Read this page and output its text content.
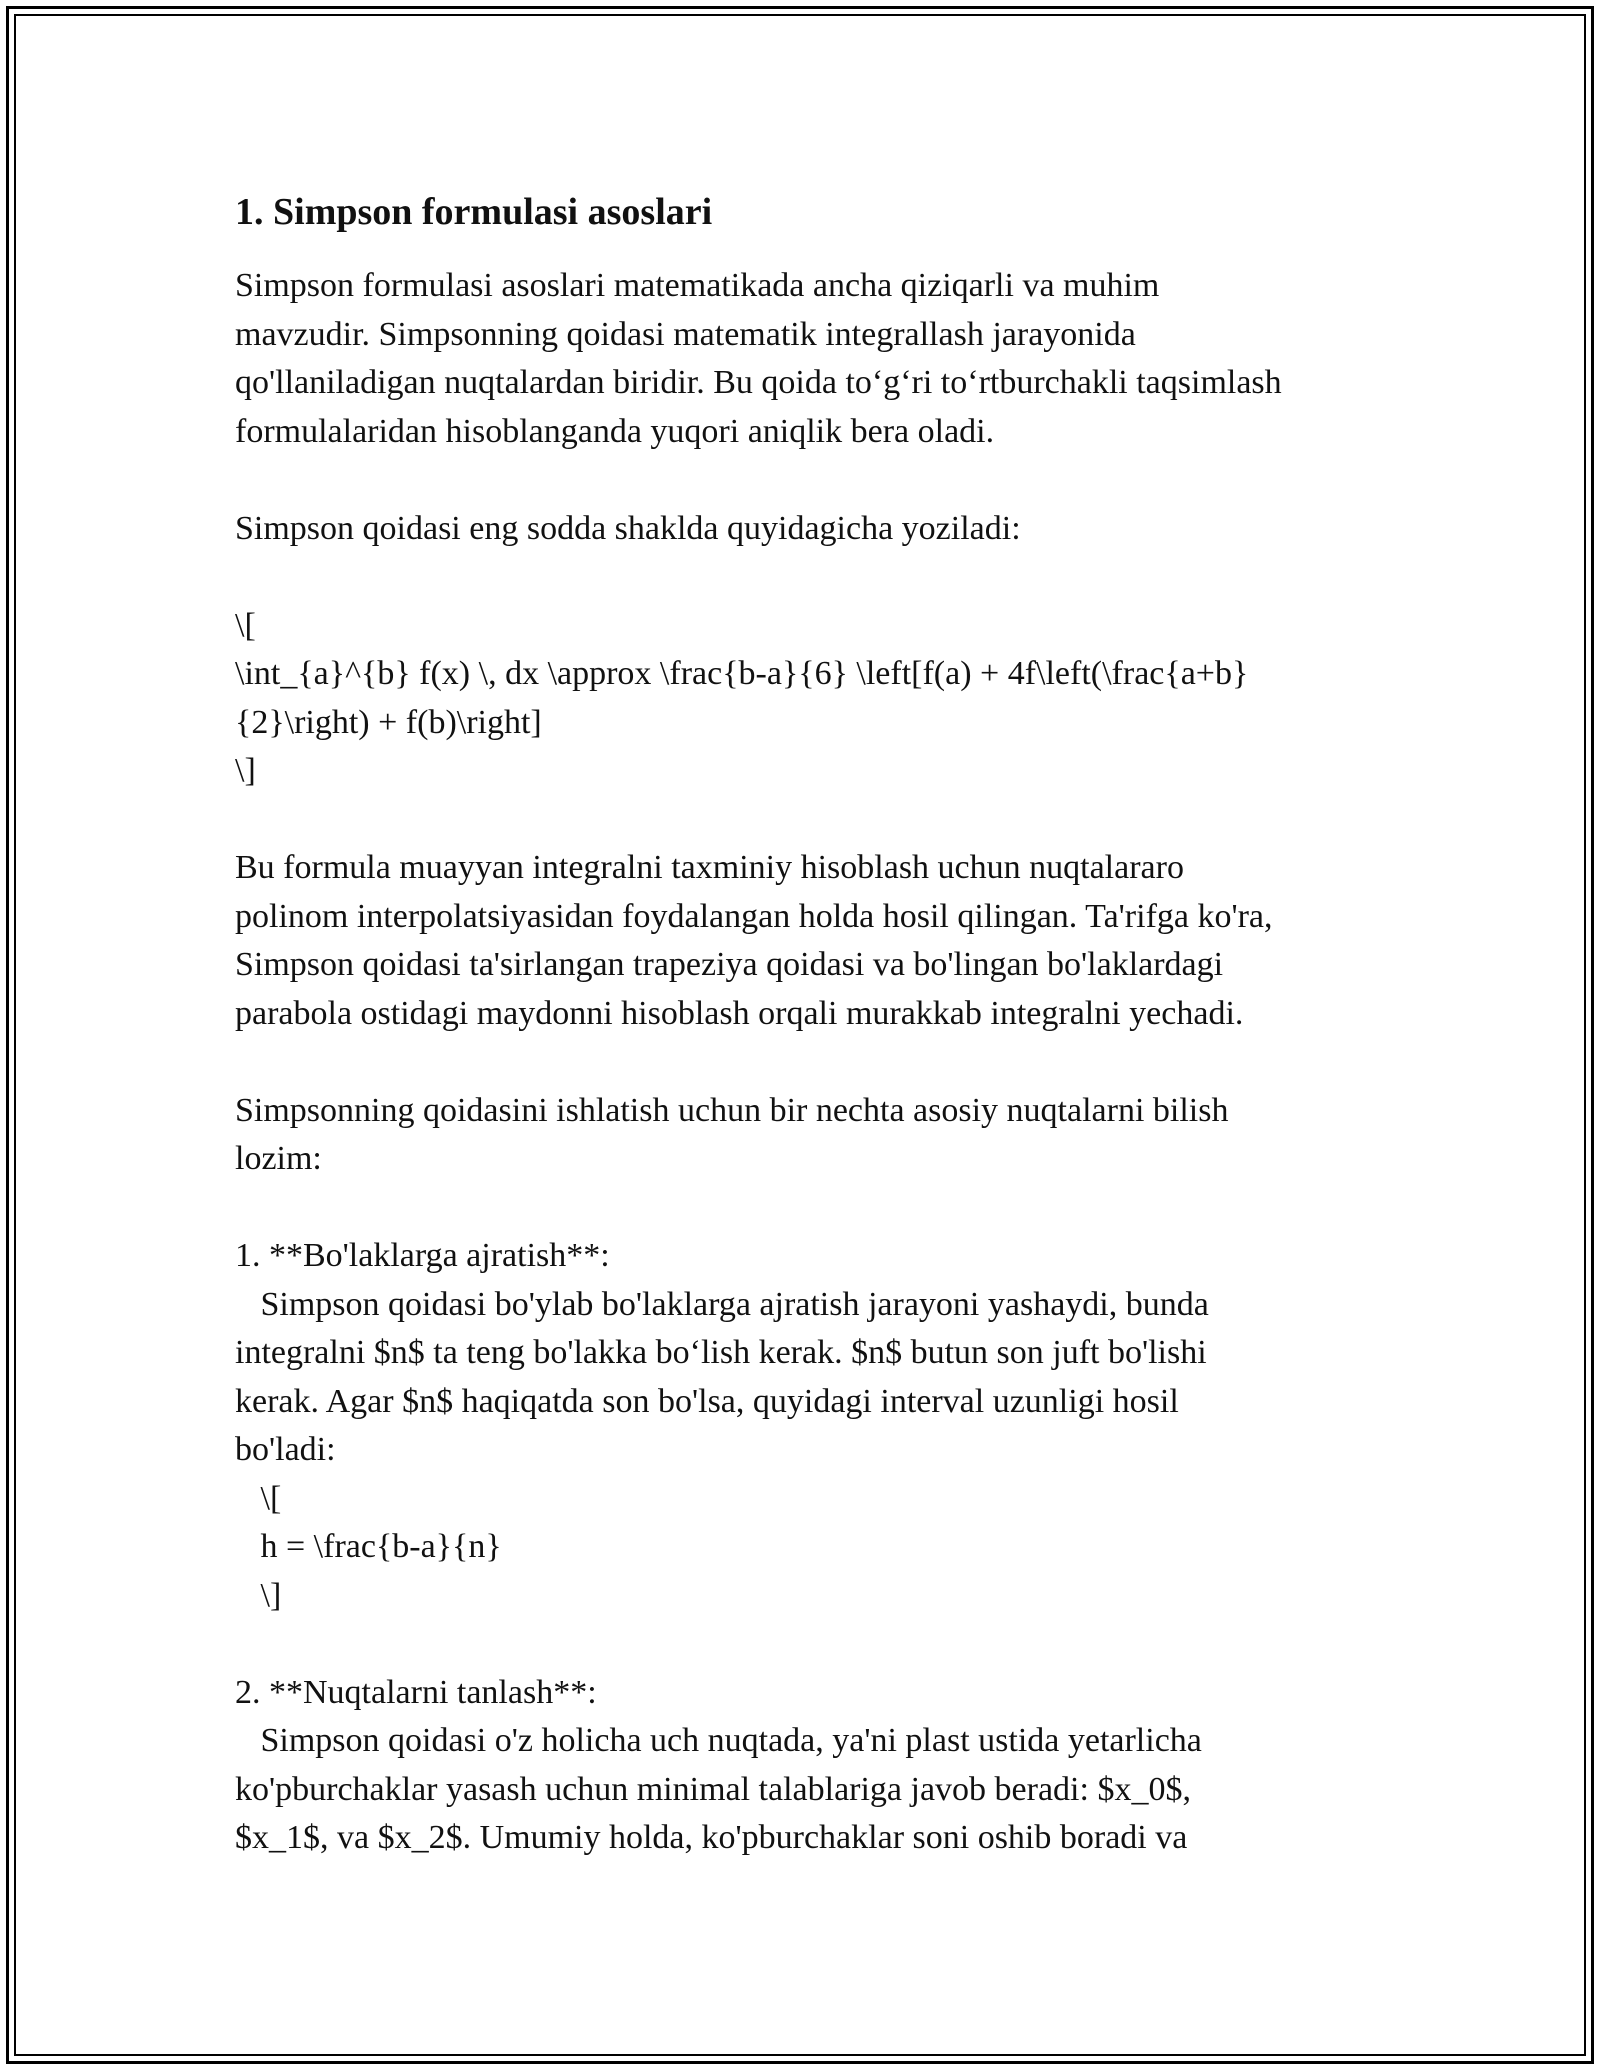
1. Simpson formulasi asoslari
Simpson formulasi asoslari matematikada ancha qiziqarli va muhim
mavzudir. Simpsonning qoidasi matematik integrallash jarayonida
qo'llaniladigan nuqtalardan biridir. Bu qoida to‘g‘ri to‘rtburchakli taqsimlash
formulalaridan hisoblanganda yuqori aniqlik bera oladi.
Simpson qoidasi eng sodda shaklda quyidagicha yoziladi:
\[
\int_{a}^{b} f(x) \, dx \approx \frac{b-a}{6} \left[f(a) + 4f\left(\frac{a+b}
{2}\right) + f(b)\right]
\]
Bu formula muayyan integralni taxminiy hisoblash uchun nuqtalararo
polinom interpolatsiyasidan foydalangan holda hosil qilingan. Ta'rifga ko'ra,
Simpson qoidasi ta'sirlangan trapeziya qoidasi va bo'lingan bo'laklardagi
parabola ostidagi maydonni hisoblash orqali murakkab integralni yechadi.
Simpsonning qoidasini ishlatish uchun bir nechta asosiy nuqtalarni bilish
lozim:
1. **Bo'laklarga ajratish**:
Simpson qoidasi bo'ylab bo'laklarga ajratish jarayoni yashaydi, bunda
integralni $n$ ta teng bo'lakka bo‘lish kerak. $n$ butun son juft bo'lishi
kerak. Agar $n$ haqiqatda son bo'lsa, quyidagi interval uzunligi hosil
bo'ladi:
\[
h = \frac{b-a}{n}
\]
2. **Nuqtalarni tanlash**:
Simpson qoidasi o'z holicha uch nuqtada, ya'ni plast ustida yetarlicha
ko'pburchaklar yasash uchun minimal talablariga javob beradi: $x_0$,
$x_1$, va $x_2$. Umumiy holda, ko'pburchaklar soni oshib boradi va
